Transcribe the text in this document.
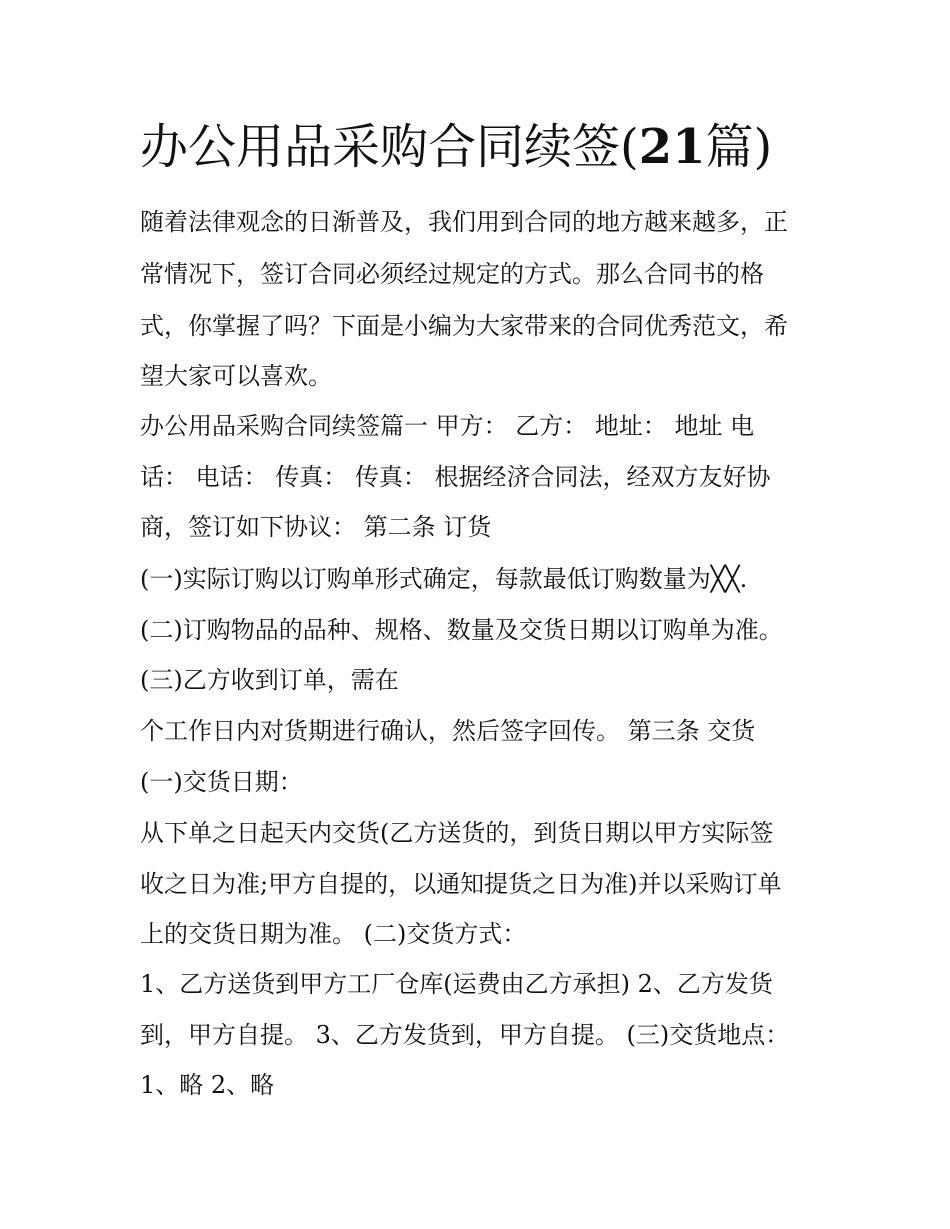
办公用品采购合同续签(21篇)

随着法律观念的日渐普及，我们用到合同的地方越来越多，正

常情况下，签订合同必须经过规定的方式。那么合同书的格

式，你掌握了吗？下面是小编为大家带来的合同优秀范文，希

望大家可以喜欢。

办公用品采购合同续签篇一 甲方： 乙方： 地址： 地址 电

话： 电话： 传真： 传真： 根据经济合同法，经双方友好协

商，签订如下协议： 第二条 订货

(一)实际订购以订购单形式确定，每款最低订购数量为╳╳.

(二)订购物品的品种、规格、数量及交货日期以订购单为准。

(三)乙方收到订单，需在

个工作日内对货期进行确认，然后签字回传。 第三条 交货

(一)交货日期：

从下单之日起天内交货(乙方送货的，到货日期以甲方实际签

收之日为准;甲方自提的，以通知提货之日为准)并以采购订单

上的交货日期为准。 (二)交货方式：

1、乙方送货到甲方工厂仓库(运费由乙方承担) 2、乙方发货

到，甲方自提。 3、乙方发货到，甲方自提。 (三)交货地点：

1、略 2、略
